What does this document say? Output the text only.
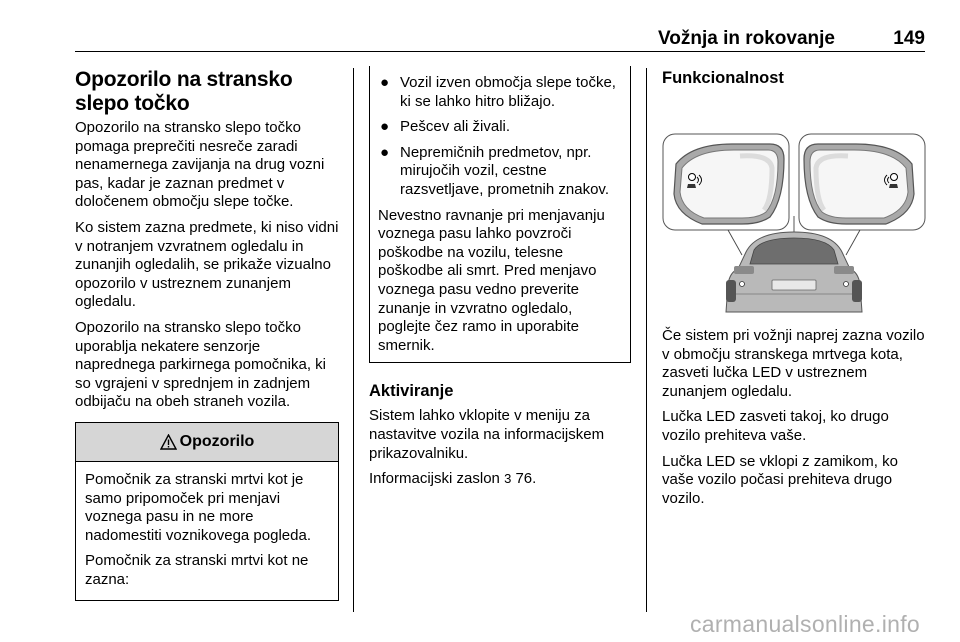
Vožnja in rokovanje	149
Opozorilo na stransko slepo točko

Opozorilo na stransko slepo točko pomaga preprečiti nesreče zaradi nenamernega zavijanja na drug vozni pas, kadar je zaznan predmet v določenem območju slepe točke.

Ko sistem zazna predmete, ki niso vidni v notranjem vzvratnem ogledalu in zunanjih ogledalih, se prikaže vizualno opozorilo v ustreznem zunanjem ogledalu.

Opozorilo na stransko slepo točko uporablja nekatere senzorje naprednega parkirnega pomočnika, ki so vgrajeni v sprednjem in zadnjem odbijaču na obeh straneh vozila.

Opozorilo

Pomočnik za stranski mrtvi kot je samo pripomoček pri menjavi voznega pasu in ne more nadomestiti voznikovega pogleda.

Pomočnik za stranski mrtvi kot ne zazna:

● Vozil izven območja slepe točke, ki se lahko hitro bližajo.
● Pešcev ali živali.
● Nepremičnih predmetov, npr. mirujočih vozil, cestne razsvetljave, prometnih znakov.

Nevestno ravnanje pri menjavanju voznega pasu lahko povzroči poškodbe na vozilu, telesne poškodbe ali smrt. Pred menjavo voznega pasu vedno preverite zunanje in vzvratno ogledalo, poglejte čez ramo in uporabite smernik.

Aktiviranje

Sistem lahko vklopite v meniju za nastavitve vozila na informacijskem prikazovalniku.

Informacijski zaslon 3 76.

Funkcionalnost

Če sistem pri vožnji naprej zazna vozilo v območju stranskega mrtvega kota, zasveti lučka LED v ustreznem zunanjem ogledalu.

Lučka LED zasveti takoj, ko drugo vozilo prehiteva vaše.

Lučka LED se vklopi z zamikom, ko vaše vozilo počasi prehiteva drugo vozilo.

carmanualsonline.info
